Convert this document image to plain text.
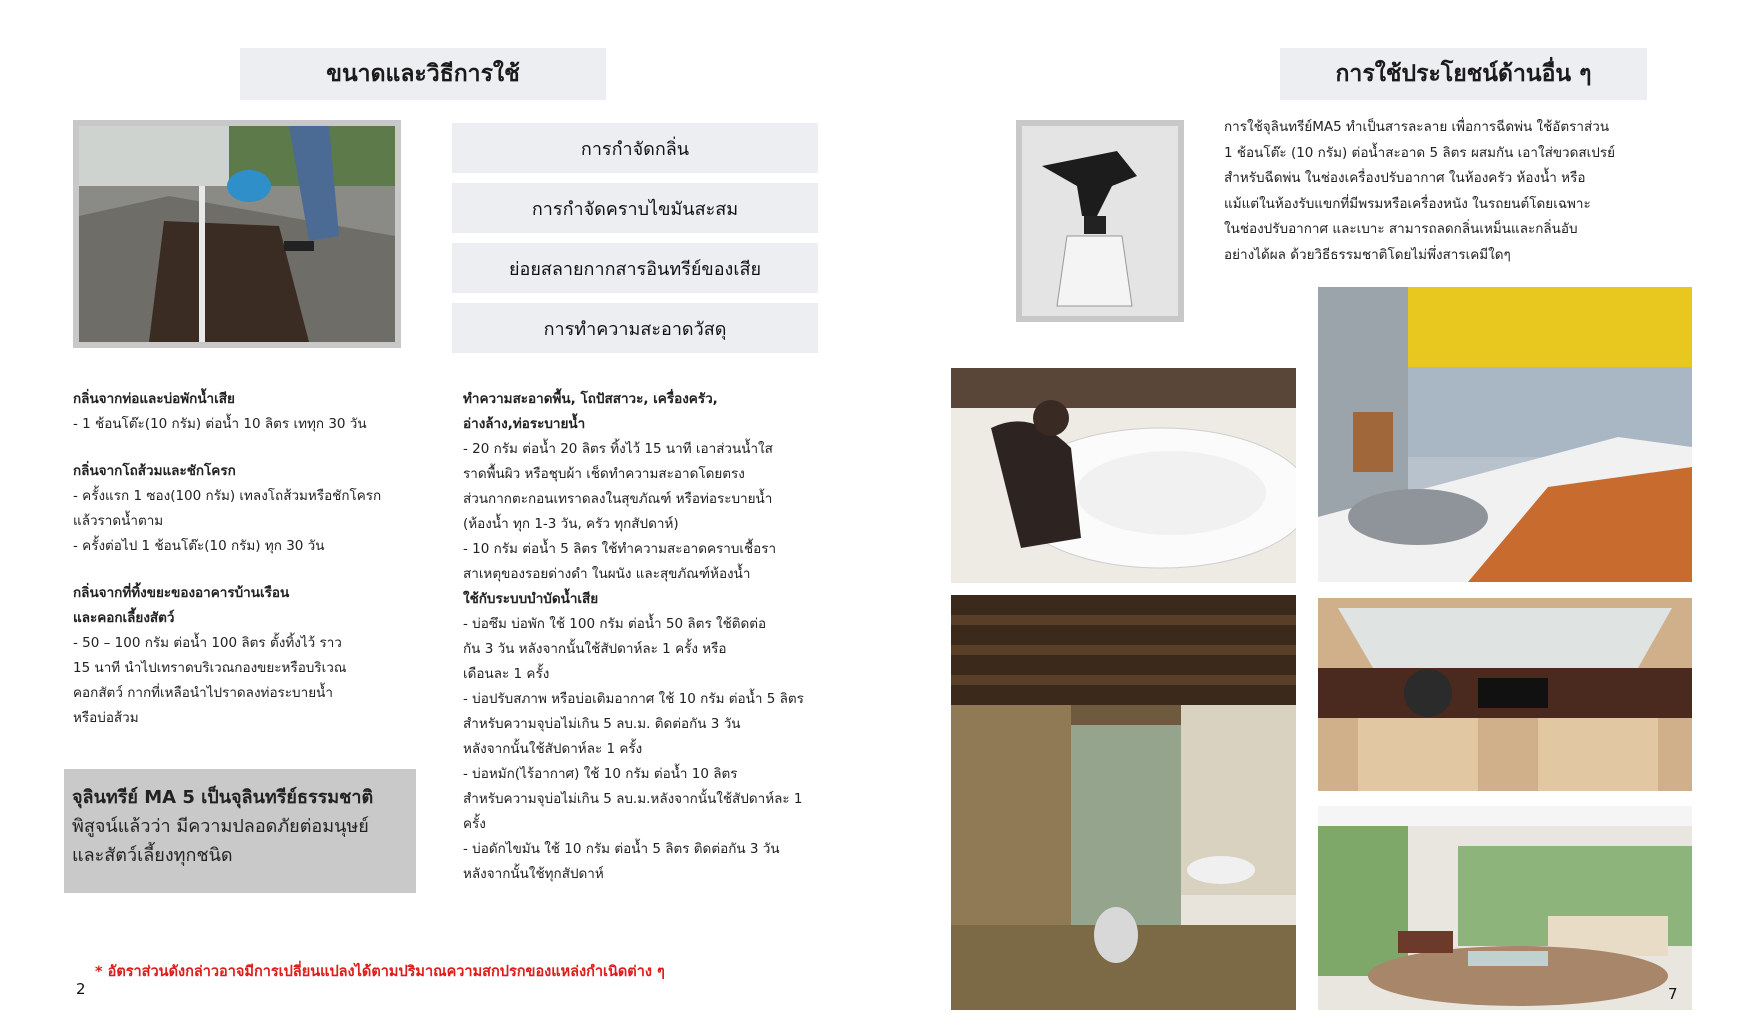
ขนาดและวิธีการใช้
การกำจัดกลิ่น
การกำจัดคราบไขมันสะสม
ย่อยสลายกากสารอินทรีย์ของเสีย
การทำความสะอาดวัสดุ

กลิ่นจากท่อและบ่อพักน้ำเสีย

- 1 ช้อนโต๊ะ(10 กรัม) ต่อน้ำ 10 ลิตร เททุก 30 วัน

กลิ่นจากโถส้วมและชักโครก

- ครั้งแรก 1 ซอง(100 กรัม) เทลงโถส้วมหรือชักโครก
แล้วราดน้ำตาม
- ครั้งต่อไป 1 ช้อนโต๊ะ(10 กรัม) ทุก 30 วัน

กลิ่นจากที่ทิ้งขยะของอาคารบ้านเรือน
และคอกเลี้ยงสัตว์

- 50 – 100 กรัม ต่อน้ำ 100 ลิตร ตั้งทิ้งไว้ ราว
15 นาที นำไปเทราดบริเวณกองขยะหรือบริเวณ
คอกสัตว์ กากที่เหลือนำไปราดลงท่อระบายน้ำ
หรือบ่อส้วม

ทำความสะอาดพื้น, โถปัสสาวะ, เครื่องครัว,
อ่างล้าง,ท่อระบายน้ำ

- 20 กรัม ต่อน้ำ 20 ลิตร ทิ้งไว้ 15 นาที เอาส่วนน้ำใส
ราดพื้นผิว หรือชุบผ้า เช็ดทำความสะอาดโดยตรง
ส่วนกากตะกอนเทราดลงในสุขภัณฑ์ หรือท่อระบายน้ำ
(ห้องน้ำ ทุก 1-3 วัน, ครัว ทุกสัปดาห์)
- 10 กรัม ต่อน้ำ 5 ลิตร ใช้ทำความสะอาดคราบเชื้อรา
สาเหตุของรอยด่างดำ ในผนัง และสุขภัณฑ์ห้องน้ำ

ใช้กับระบบบำบัดน้ำเสีย

- บ่อซึม บ่อพัก ใช้ 100 กรัม ต่อน้ำ 50 ลิตร ใช้ติดต่อ
กัน 3 วัน หลังจากนั้นใช้สัปดาห์ละ 1 ครั้ง หรือ
เดือนละ 1 ครั้ง
- บ่อปรับสภาพ หรือบ่อเติมอากาศ ใช้ 10 กรัม ต่อน้ำ 5 ลิตร
สำหรับความจุบ่อไม่เกิน 5 ลบ.ม. ติดต่อกัน 3 วัน
หลังจากนั้นใช้สัปดาห์ละ 1 ครั้ง
- บ่อหมัก(ไร้อากาศ) ใช้ 10 กรัม ต่อน้ำ 10 ลิตร
สำหรับความจุบ่อไม่เกิน 5 ลบ.ม.หลังจากนั้นใช้สัปดาห์ละ 1
ครั้ง
- บ่อดักไขมัน ใช้ 10 กรัม ต่อน้ำ 5 ลิตร ติดต่อกัน 3 วัน
หลังจากนั้นใช้ทุกสัปดาห์

จุลินทรีย์ MA 5 เป็นจุลินทรีย์ธรรมชาติ
พิสูจน์แล้วว่า มีความปลอดภัยต่อมนุษย์
และสัตว์เลี้ยงทุกชนิด
* อัตราส่วนดังกล่าวอาจมีการเปลี่ยนแปลงได้ตามปริมาณความสกปรกของแหล่งกำเนิดต่าง ๆ
2
การใช้ประโยชน์ด้านอื่น ๆ

การใช้จุลินทรีย์MA5 ทำเป็นสารละลาย เพื่อการฉีดพ่น ใช้อัตราส่วน
1 ช้อนโต๊ะ (10 กรัม) ต่อน้ำสะอาด 5 ลิตร ผสมกัน เอาใส่ขวดสเปรย์
สำหรับฉีดพ่น ในช่องเครื่องปรับอากาศ ในห้องครัว ห้องน้ำ หรือ
แม้แต่ในห้องรับแขกที่มีพรมหรือเครื่องหนัง ในรถยนต์โดยเฉพาะ
ในช่องปรับอากาศ และเบาะ สามารถลดกลิ่นเหม็นและกลิ่นอับ
อย่างได้ผล ด้วยวิธีธรรมชาติโดยไม่พึ่งสารเคมีใดๆ

7
